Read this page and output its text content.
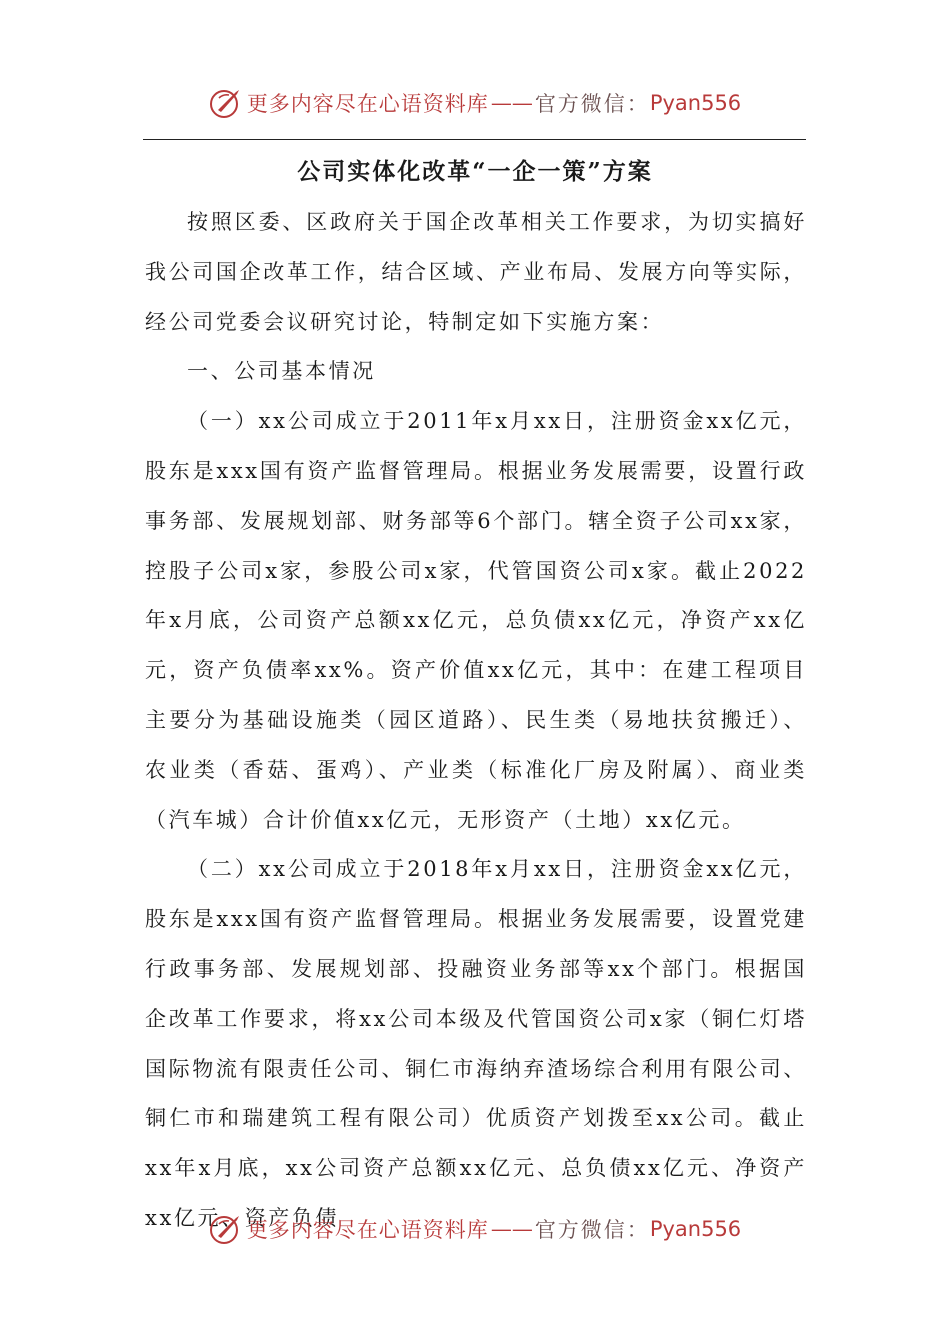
更多内容尽在心语资料库 —— 官方微信： Pyan556
公司实体化改革“一企一策”方案

按照区委、区政府关于国企改革相关工作要求，为切实搞好我公司国企改革工作，结合区域、产业布局、发展方向等实际，经公司党委会议研究讨论，特制定如下实施方案：

一、公司基本情况

（一）xx公司成立于2011年x月xx日，注册资金xx亿元，股东是xxx国有资产监督管理局。根据业务发展需要，设置行政事务部、发展规划部、财务部等6个部门。辖全资子公司xx家，控股子公司x家，参股公司x家，代管国资公司x家。截止2022年x月底，公司资产总额xx亿元，总负债xx亿元，净资产xx亿元，资产负债率xx%。资产价值xx亿元，其中：在建工程项目主要分为基础设施类（园区道路）、民生类（易地扶贫搬迁）、农业类（香菇、蛋鸡）、产业类（标准化厂房及附属）、商业类（汽车城）合计价值xx亿元，无形资产（土地）xx亿元。

（二）xx公司成立于2018年x月xx日，注册资金xx亿元，股东是xxx国有资产监督管理局。根据业务发展需要，设置党建行政事务部、发展规划部、投融资业务部等xx个部门。根据国企改革工作要求，将xx公司本级及代管国资公司x家（铜仁灯塔国际物流有限责任公司、铜仁市海纳弃渣场综合利用有限公司、铜仁市和瑞建筑工程有限公司）优质资产划拨至xx公司。截止xx年x月底，xx公司资产总额xx亿元、总负债xx亿元、净资产xx亿元、资产负债

更多内容尽在心语资料库 —— 官方微信： Pyan556
